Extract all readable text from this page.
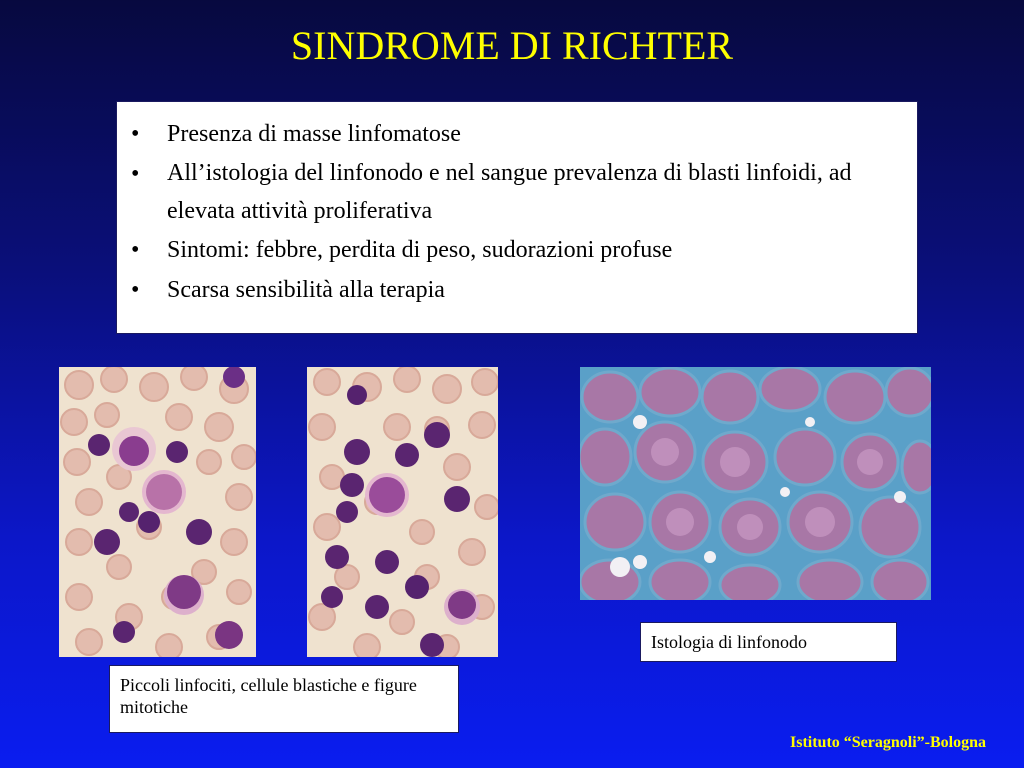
SINDROME DI RICHTER
• Presenza di masse linfomatose
• All’istologia del linfonodo e nel sangue prevalenza di blasti linfoidi, ad elevata attività proliferativa
• Sintomi: febbre, perdita di peso, sudorazioni profuse
• Scarsa sensibilità alla terapia
Piccoli linfociti, cellule blastiche e figure mitotiche
Istologia di linfonodo
Istituto “Seragnoli”-Bologna
